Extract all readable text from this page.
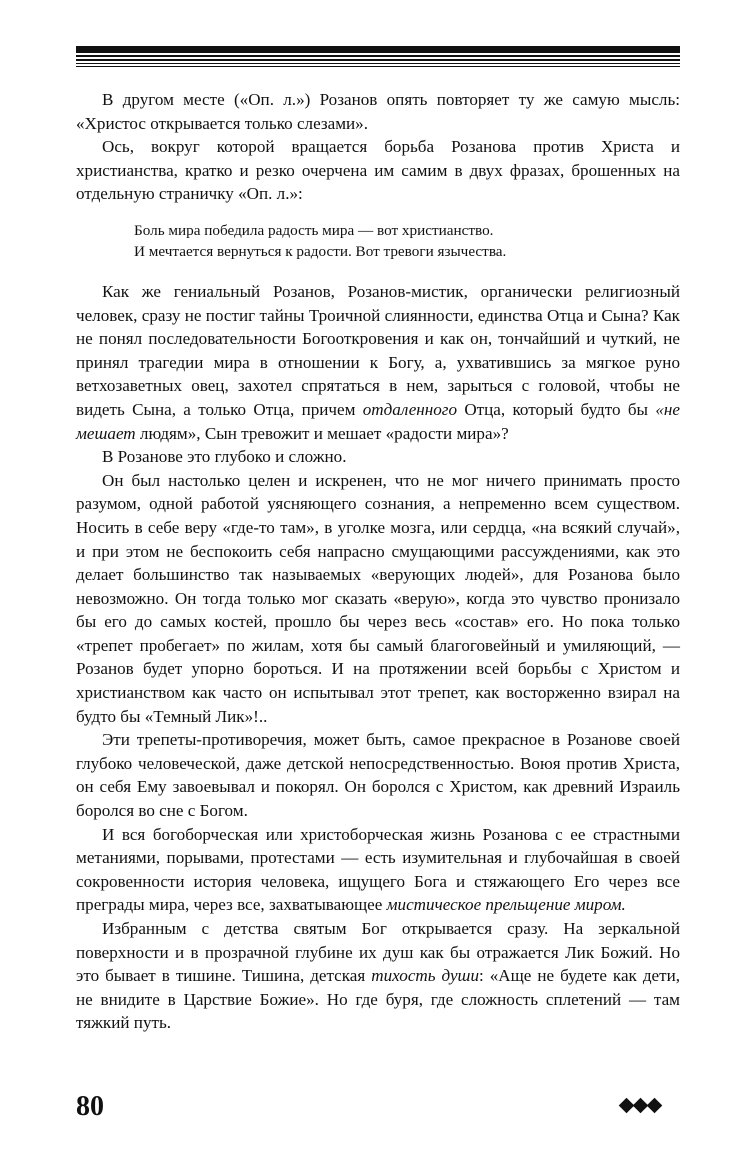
В другом месте («Оп. л.») Розанов опять повторяет ту же самую мысль: «Христос открывается только слезами».

Ось, вокруг которой вращается борьба Розанова против Христа и христианства, кратко и резко очерчена им самим в двух фразах, брошенных на отдельную страничку «Оп. л.»:

Боль мира победила радость мира — вот христианство.
И мечтается вернуться к радости. Вот тревоги язычества.

Как же гениальный Розанов, Розанов-мистик, органически религиозный человек, сразу не постиг тайны Троичной слиянности, единства Отца и Сына? Как не понял последовательности Богооткровения и как он, тончайший и чуткий, не принял трагедии мира в отношении к Богу, а, ухватившись за мягкое руно ветхозаветных овец, захотел спрятаться в нем, зарыться с головой, чтобы не видеть Сына, а только Отца, причем отдаленного Отца, который будто бы «не мешает людям», Сын тревожит и мешает «радости мира»?

В Розанове это глубоко и сложно.

Он был настолько целен и искренен, что не мог ничего принимать просто разумом, одной работой уясняющего сознания, а непременно всем существом. Носить в себе веру «где-то там», в уголке мозга, или сердца, «на всякий случай», и при этом не беспокоить себя напрасно смущающими рассуждениями, как это делает большинство так называемых «верующих людей», для Розанова было невозможно. Он тогда только мог сказать «верую», когда это чувство пронизало бы его до самых костей, прошло бы через весь «состав» его. Но пока только «трепет пробегает» по жилам, хотя бы самый благоговейный и умиляющий, — Розанов будет упорно бороться. И на протяжении всей борьбы с Христом и христианством как часто он испытывал этот трепет, как восторженно взирал на будто бы «Темный Лик»!..

Эти трепеты-противоречия, может быть, самое прекрасное в Розанове своей глубоко человеческой, даже детской непосредственностью. Воюя против Христа, он себя Ему завоевывал и покорял. Он боролся с Христом, как древний Израиль боролся во сне с Богом.

И вся богоборческая или христоборческая жизнь Розанова с ее страстными метаниями, порывами, протестами — есть изумительная и глубочайшая в своей сокровенности история человека, ищущего Бога и стяжающего Его через все преграды мира, через все, захватывающее мистическое прельщение миром.

Избранным с детства святым Бог открывается сразу. На зеркальной поверхности и в прозрачной глубине их душ как бы отражается Лик Божий. Но это бывает в тишине. Тишина, детская тихость души: «Аще не будете как дети, не внидите в Царствие Божие». Но где буря, где сложность сплетений — там тяжкий путь.

80
